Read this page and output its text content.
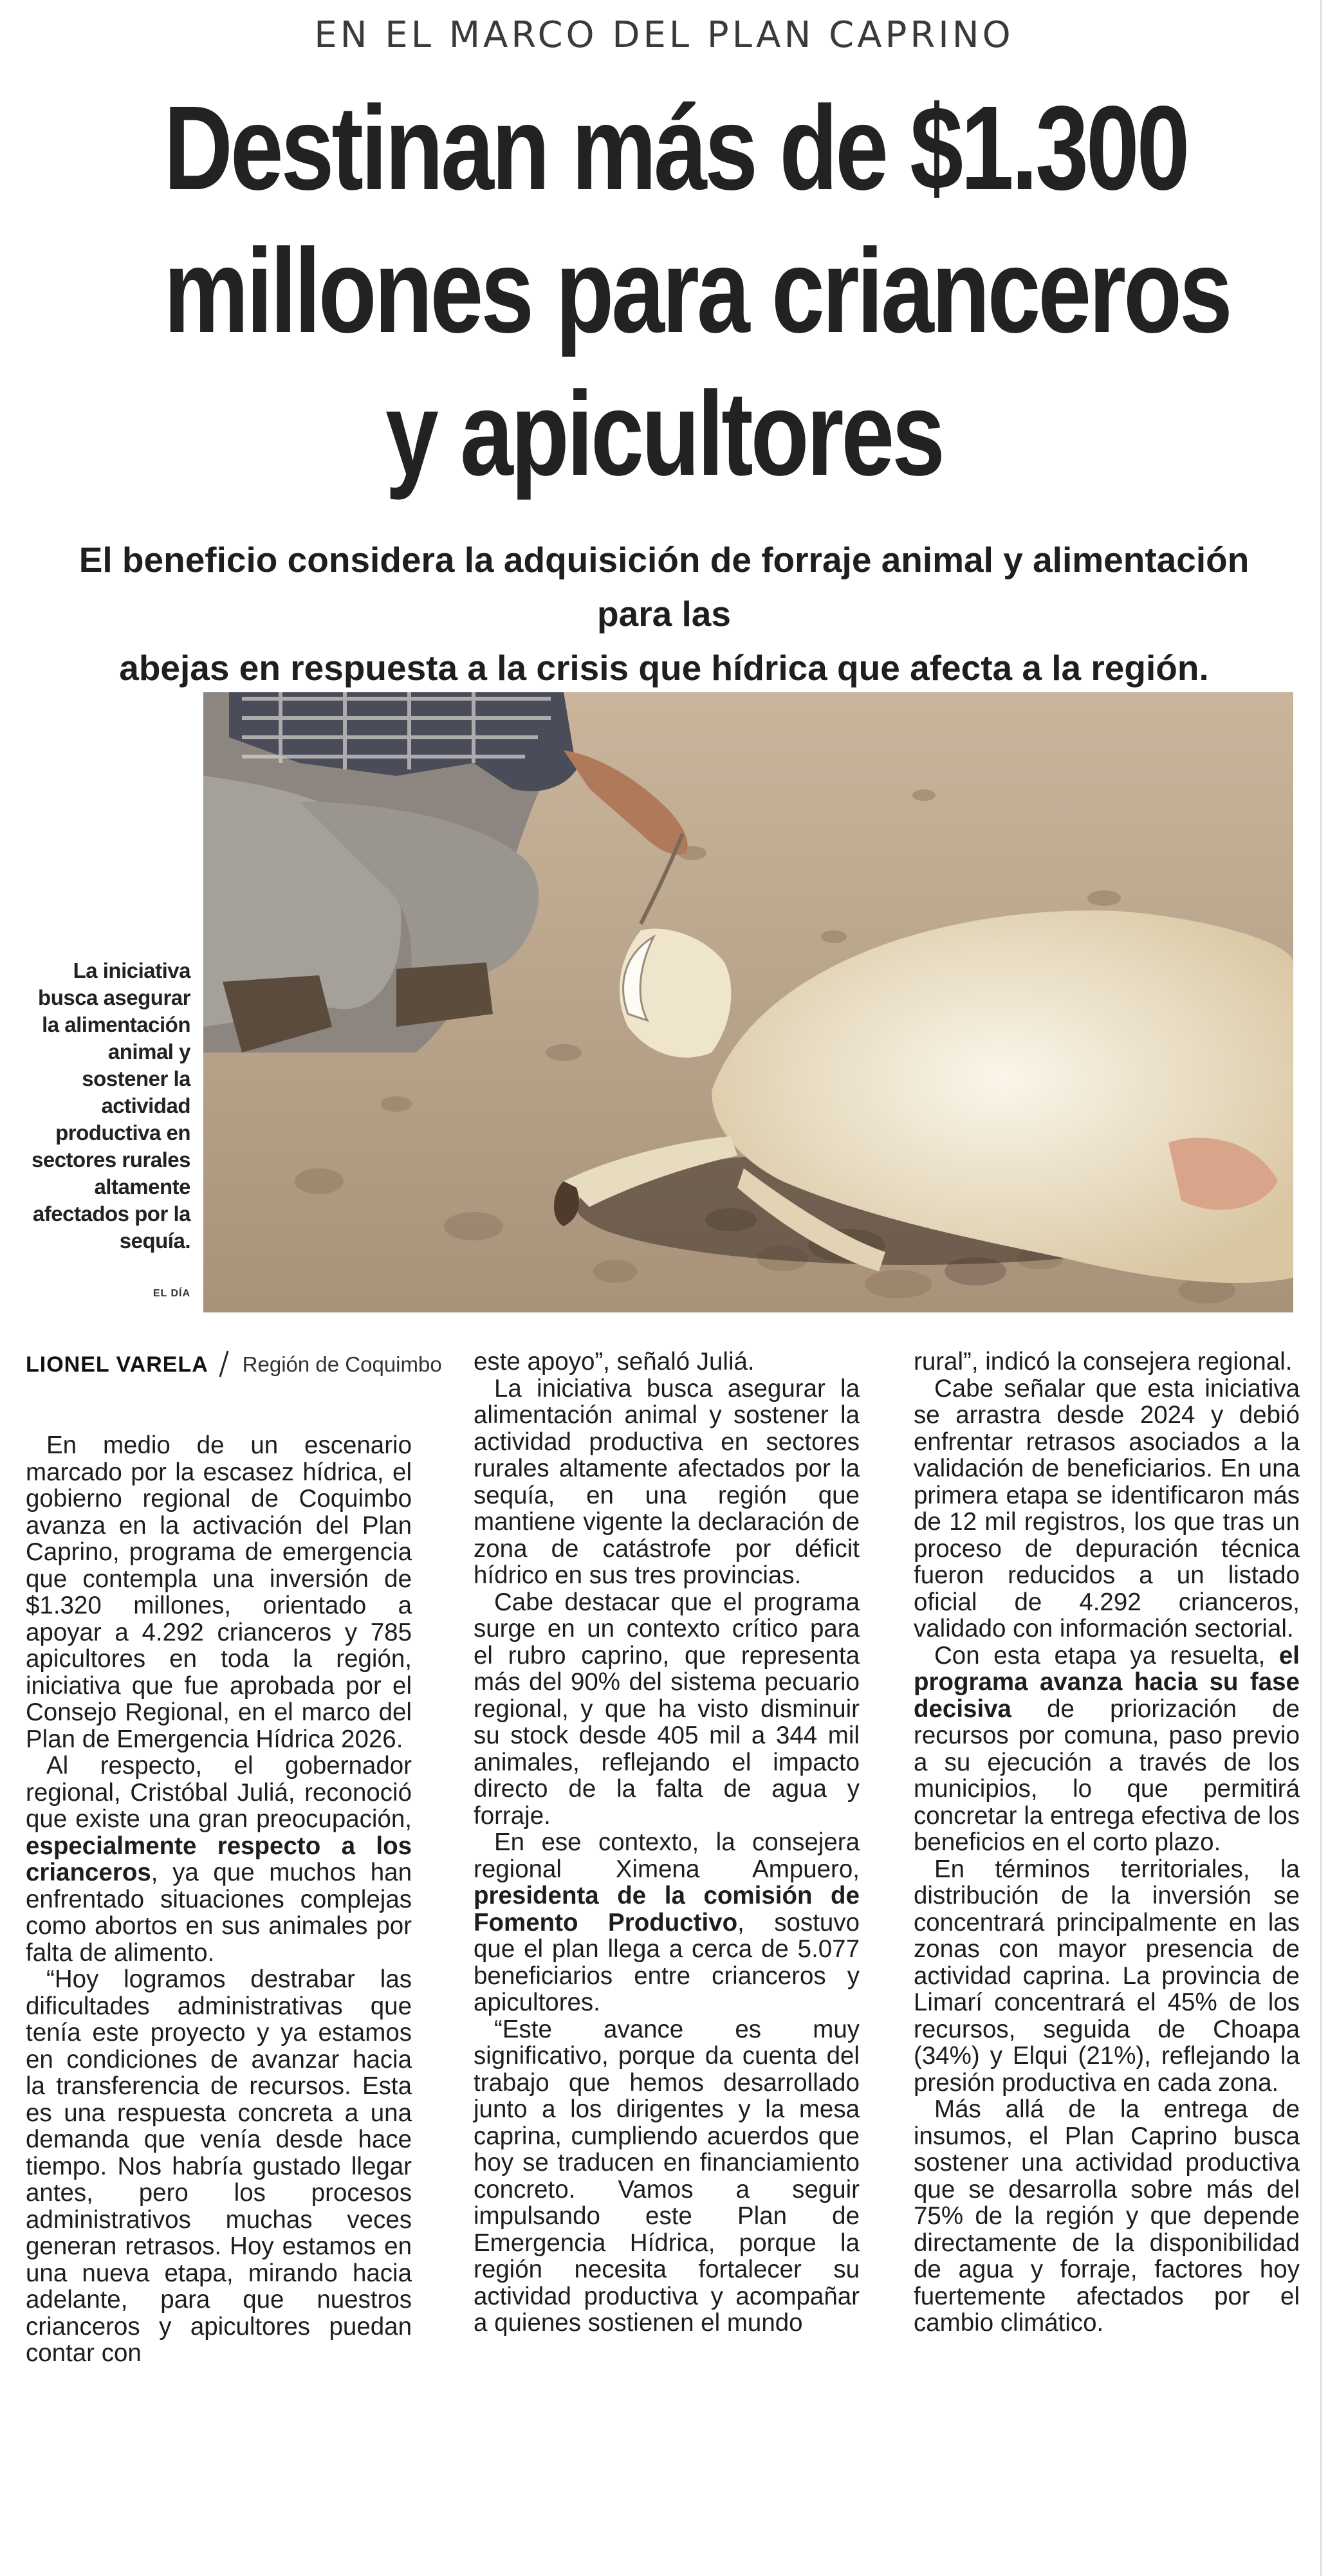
EN EL MARCO DEL PLAN CAPRINO
Destinan más de $1.300
millones para crianceros
y apicultores
El beneficio considera la adquisición de forraje animal y alimentación para las
abejas en respuesta a la crisis que hídrica que afecta a la región.
La iniciativa busca asegurar la alimentación animal y sostener la actividad productiva en sectores rurales altamente afectados por la sequía.
EL DÍA
LIONEL VARELA Región de Coquimbo

En medio de un escenario marcado por la escasez hídrica, el gobierno regional de Coquimbo avanza en la activación del Plan Caprino, programa de emergencia que contempla una inversión de $1.320 millones, orientado a apoyar a 4.292 crianceros y 785 apicultores en toda la región, iniciativa que fue aprobada por el Consejo Regional, en el marco del Plan de Emergencia Hídrica 2026.

Al respecto, el gobernador regional, Cristóbal Juliá, reconoció que existe una gran preocupación, especialmente respecto a los crianceros, ya que muchos han enfrentado situaciones complejas como abortos en sus animales por falta de alimento.

“Hoy logramos destrabar las dificultades administrativas que tenía este proyecto y ya estamos en condiciones de avanzar hacia la transferencia de recursos. Esta es una respuesta concreta a una demanda que venía desde hace tiempo. Nos habría gustado llegar antes, pero los procesos administrativos muchas veces generan retrasos. Hoy estamos en una nueva etapa, mirando hacia adelante, para que nuestros crianceros y apicultores puedan contar con

este apoyo”, señaló Juliá.

La iniciativa busca asegurar la alimentación animal y sostener la actividad productiva en sectores rurales altamente afectados por la sequía, en una región que mantiene vigente la declaración de zona de catástrofe por déficit hídrico en sus tres provincias.

Cabe destacar que el programa surge en un contexto crítico para el rubro caprino, que representa más del 90% del sistema pecuario regional, y que ha visto disminuir su stock desde 405 mil a 344 mil animales, reflejando el impacto directo de la falta de agua y forraje.

En ese contexto, la consejera regional Ximena Ampuero, presidenta de la comisión de Fomento Productivo, sostuvo que el plan llega a cerca de 5.077 beneficiarios entre crianceros y apicultores.

“Este avance es muy significativo, porque da cuenta del trabajo que hemos desarrollado junto a los dirigentes y la mesa caprina, cumpliendo acuerdos que hoy se traducen en financiamiento concreto. Vamos a seguir impulsando este Plan de Emergencia Hídrica, porque la región necesita fortalecer su actividad productiva y acompañar a quienes sostienen el mundo

rural”, indicó la consejera regional.

Cabe señalar que esta iniciativa se arrastra desde 2024 y debió enfrentar retrasos asociados a la validación de beneficiarios. En una primera etapa se identificaron más de 12 mil registros, los que tras un proceso de depuración técnica fueron reducidos a un listado oficial de 4.292 crianceros, validado con información sectorial.

Con esta etapa ya resuelta, el programa avanza hacia su fase decisiva de priorización de recursos por comuna, paso previo a su ejecución a través de los municipios, lo que permitirá concretar la entrega efectiva de los beneficios en el corto plazo.

En términos territoriales, la distribución de la inversión se concentrará principalmente en las zonas con mayor presencia de actividad caprina. La provincia de Limarí concentrará el 45% de los recursos, seguida de Choapa (34%) y Elqui (21%), reflejando la presión productiva en cada zona.

Más allá de la entrega de insumos, el Plan Caprino busca sostener una actividad productiva que se desarrolla sobre más del 75% de la región y que depende directamente de la disponibilidad de agua y forraje, factores hoy fuertemente afectados por el cambio climático.
